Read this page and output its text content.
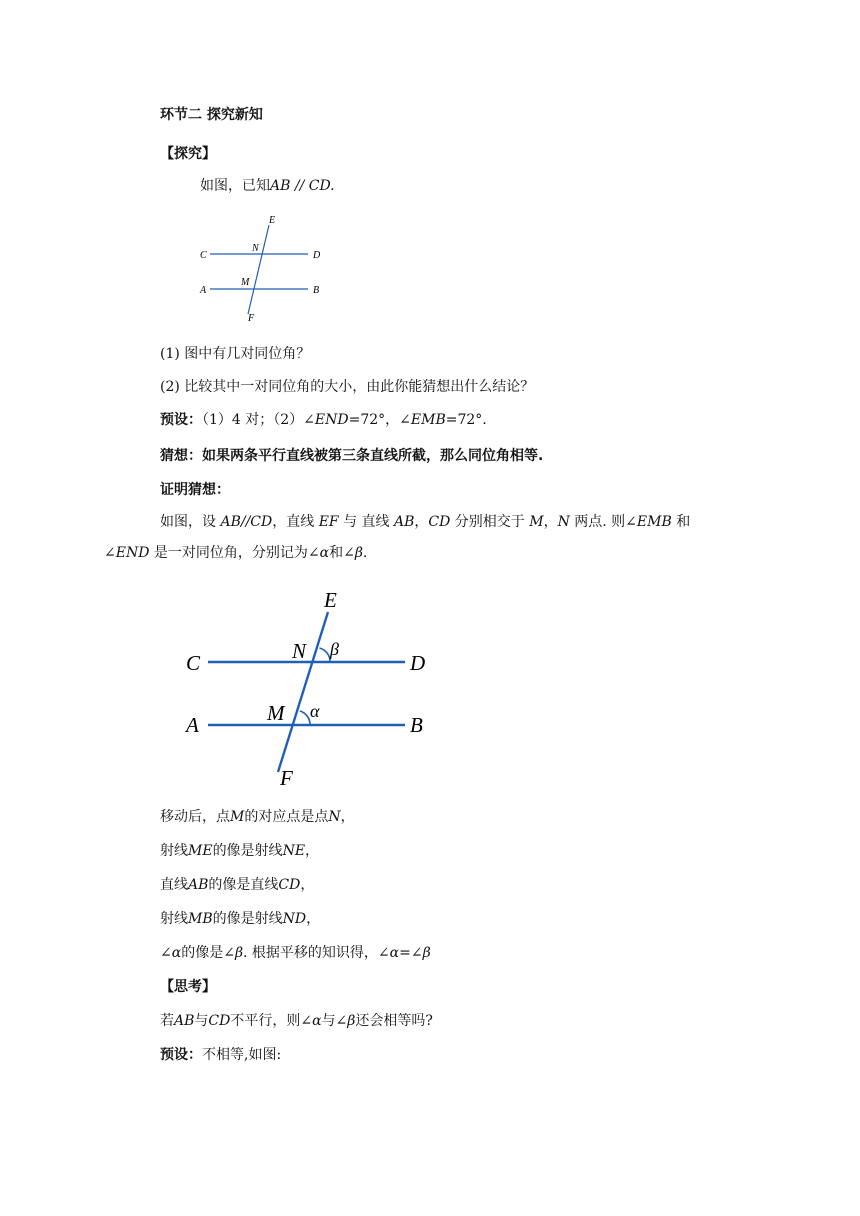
环节二 探究新知
【探究】
如图，已知AB // CD.
E
N
C	D
M
A	B
F
(1) 图中有几对同位角？
(2) 比较其中一对同位角的大小，由此你能猜想出什么结论？
预设：（1）4 对；（2）∠END=72°，∠EMB=72°.
猜想：如果两条平行直线被第三条直线所截，那么同位角相等.
证明猜想：
如图，设 AB//CD，直线 EF 与 直线 AB，CD 分别相交于 M，N 两点. 则∠EMB 和
∠END 是一对同位角，分别记为∠α和∠β.
E
N β
C	D
M α
A	B
F
移动后，点M的对应点是点N，
射线ME的像是射线NE，
直线AB的像是直线CD，
射线MB的像是射线ND，
∠α的像是∠β. 根据平移的知识得，∠α=∠β
【思考】
若AB与CD不平行，则∠α与∠β还会相等吗?
预设：不相等,如图:
